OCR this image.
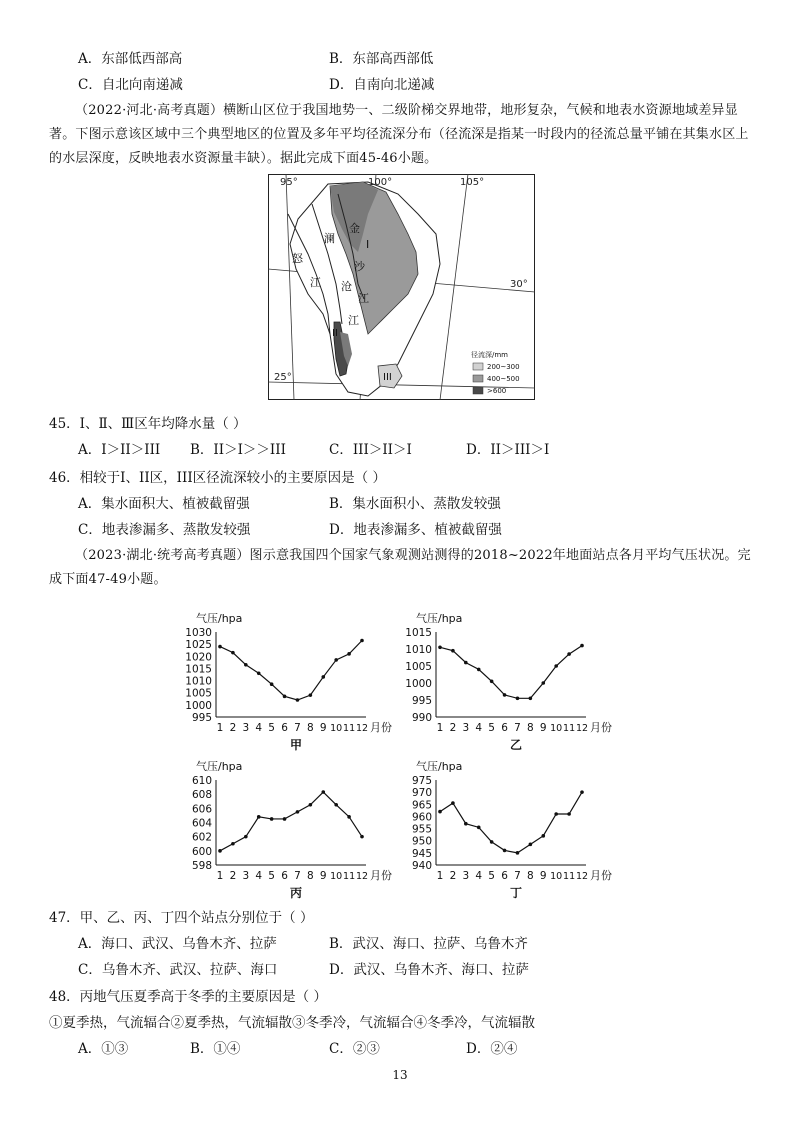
A．东部低西部高	B．东部高西部低
C．自北向南递减	D．自南向北递减
（2022·河北·高考真题）横断山区位于我国地势一、二级阶梯交界地带，地形复杂，气候和地表水资源地域差异显著。下图示意该区域中三个典型地区的位置及多年平均径流深分布（径流深是指某一时段内的径流总量平铺在其集水区上的水层深度，反映地表水资源量丰缺）。据此完成下面45-46小题。
95°	100°	105°
30°
25°
金
沙
江
澜
沧
江
怒
江
I
II
III
径流深/mm
200~300
400~500
>600
45．Ⅰ、Ⅱ、Ⅲ区年均降水量（ ）
A．I＞II＞III B．II＞I＞＞III	C．III＞II＞I	D．II＞III＞I
46．相较于I、II区，III区径流深较小的主要原因是（ ）
A．集水面积大、植被截留强	B．集水面积小、蒸散发较强
C．地表渗漏多、蒸散发较强	D．地表渗漏多、植被截留强
（2023·湖北·统考高考真题）图示意我国四个国家气象观测站测得的2018~2022年地面站点各月平均气压状况。完成下面47-49小题。
气压/hpa
995
1000
1005
1010
1015
1020
1025
1030
1 2 3 4 5 6 7 8 9 10 11 12 月份
甲
气压/hpa
990
995
1000
1005
1010
1015
1 2 3 4 5 6 7 8 9 10 11 12 月份
乙
气压/hpa
598
600
602
604
606
608
610
1 2 3 4 5 6 7 8 9 10 11 12 月份
丙
气压/hpa
940
945
950
955
960
965
970
975
1 2 3 4 5 6 7 8 9 10 11 12 月份
丁
47．甲、乙、丙、丁四个站点分别位于（ ）
A．海口、武汉、乌鲁木齐、拉萨	B．武汉、海口、拉萨、乌鲁木齐
C．乌鲁木齐、武汉、拉萨、海口	D．武汉、乌鲁木齐、海口、拉萨
48．丙地气压夏季高于冬季的主要原因是（ ）
①夏季热，气流辐合②夏季热，气流辐散③冬季冷，气流辐合④冬季冷，气流辐散
A．①③	B．①④	C．②③	D．②④
13
